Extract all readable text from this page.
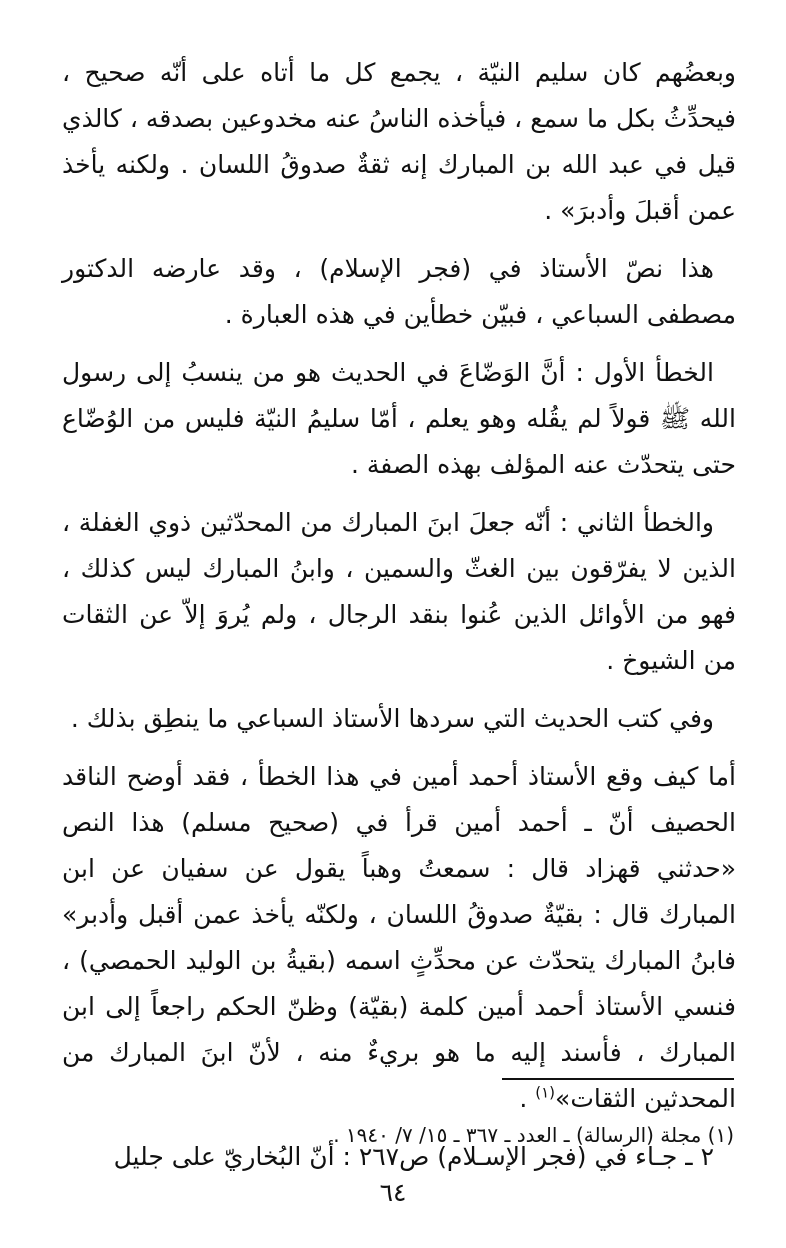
وبعضُهم كان سليم النيّة ، يجمع كل ما أتاه على أنّه صحيح ، فيحدِّثُ بكل ما سمع ، فيأخذه الناسُ عنه مخدوعين بصدقه ، كالذي قيل في عبد الله بن المبارك إنه ثقةٌ صدوقُ اللسان . ولكنه يأخذ عمن أقبلَ وأدبرَ» .

هذا نصّ الأستاذ في (فجر الإسلام) ، وقد عارضه الدكتور مصطفى السباعي ، فبيّن خطأين في هذه العبارة .

الخطأ الأول : أنَّ الوَضّاعَ في الحديث هو من ينسبُ إلى رسول الله ﷺ قولاً لم يقُله وهو يعلم ، أمّا سليمُ النيّة فليس من الوُضّاع حتى يتحدّث عنه المؤلف بهذه الصفة .

والخطأ الثاني : أنّه جعلَ ابنَ المبارك من المحدّثين ذوي الغفلة ، الذين لا يفرّقون بين الغثّ والسمين ، وابنُ المبارك ليس كذلك ، فهو من الأوائل الذين عُنوا بنقد الرجال ، ولم يُروَ إلاّ عن الثقات من الشيوخ .

وفي كتب الحديث التي سردها الأستاذ السباعي ما ينطِق بذلك .

أما كيف وقع الأستاذ أحمد أمين في هذا الخطأ ، فقد أوضح الناقد الحصيف أنّ ـ أحمد أمين قرأ في (صحيح مسلم) هذا النص «حدثني قهزاد قال : سمعتُ وهباً يقول عن سفيان عن ابن المبارك قال : بقيّةٌ صدوقُ اللسان ، ولكنّه يأخذ عمن أقبل وأدبر» فابنُ المبارك يتحدّث عن محدِّثٍ اسمه (بقيةُ بن الوليد الحمصي) ، فنسي الأستاذ أحمد أمين كلمة (بقيّة) وظنّ الحكم راجعاً إلى ابن المبارك ، فأسند إليه ما هو بريءٌ منه ، لأنّ ابنَ المبارك من المحدثين الثقات»$^{(١)}$ .

٢ ـ جـاء في (فجر الإسـلام) ص٢٦٧ : أنّ البُخاريّ على جليل

(١) مجلة (الرسالة) ـ العدد ـ ٣٦٧ ـ ١٥/ ٧/ ١٩٤٠ .
٦٤
